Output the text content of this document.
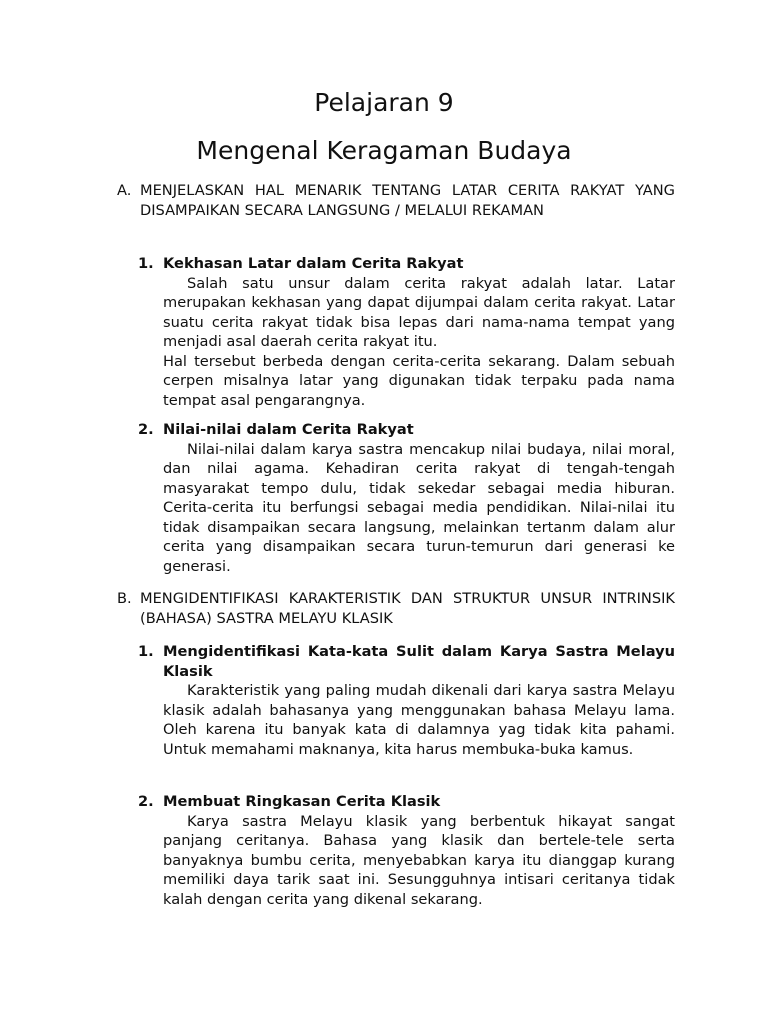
Pelajaran 9
Mengenal Keragaman Budaya
A. MENJELASKAN HAL MENARIK TENTANG LATAR CERITA RAKYAT YANG DISAMPAIKAN SECARA LANGSUNG / MELALUI REKAMAN
1. Kekhasan Latar dalam Cerita Rakyat

Salah satu unsur dalam cerita rakyat adalah latar. Latar merupakan kekhasan yang dapat dijumpai dalam cerita rakyat. Latar suatu cerita rakyat tidak bisa lepas dari nama-nama tempat yang menjadi asal daerah cerita rakyat itu.

Hal tersebut berbeda dengan cerita-cerita sekarang. Dalam sebuah cerpen misalnya latar yang digunakan tidak terpaku pada nama tempat asal pengarangnya.

2. Nilai-nilai dalam Cerita Rakyat

Nilai-nilai dalam karya sastra mencakup nilai budaya, nilai moral, dan nilai agama. Kehadiran cerita rakyat di tengah-tengah masyarakat tempo dulu, tidak sekedar sebagai media hiburan. Cerita-cerita itu berfungsi sebagai media pendidikan. Nilai-nilai itu tidak disampaikan secara langsung, melainkan tertanm dalam alur cerita yang disampaikan secara turun-temurun dari generasi ke generasi.

B. MENGIDENTIFIKASI KARAKTERISTIK DAN STRUKTUR UNSUR INTRINSIK (BAHASA) SASTRA MELAYU KLASIK
1. Mengidentifikasi Kata-kata Sulit dalam Karya Sastra Melayu Klasik

Karakteristik yang paling mudah dikenali dari karya sastra Melayu klasik adalah bahasanya yang menggunakan bahasa Melayu lama. Oleh karena itu banyak kata di dalamnya yag tidak kita pahami. Untuk memahami maknanya, kita harus membuka-buka kamus.

2. Membuat Ringkasan Cerita Klasik

Karya sastra Melayu klasik yang berbentuk hikayat sangat panjang ceritanya. Bahasa yang klasik dan bertele-tele serta banyaknya bumbu cerita, menyebabkan karya itu dianggap kurang memiliki daya tarik saat ini. Sesungguhnya intisari ceritanya tidak kalah dengan cerita yang dikenal sekarang.
